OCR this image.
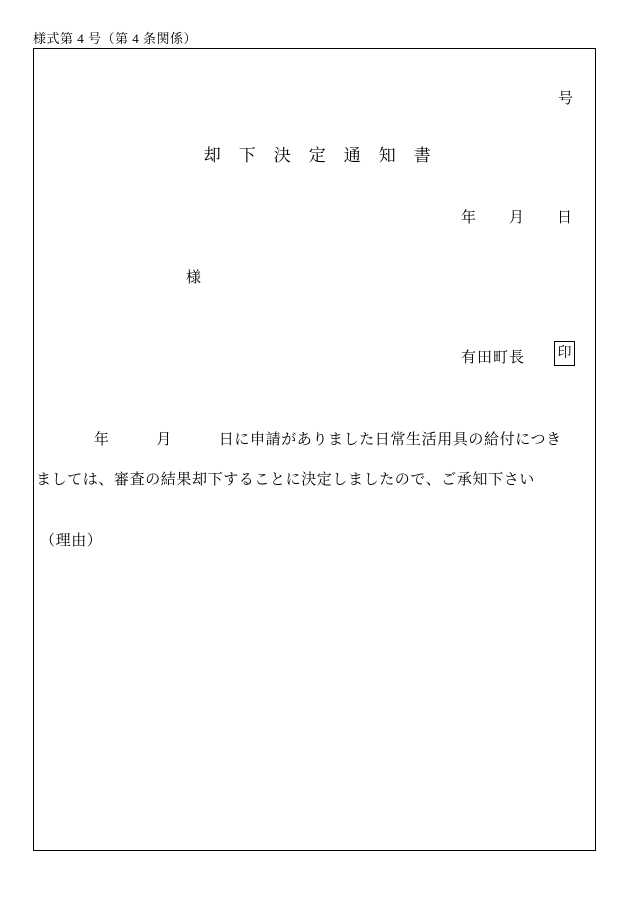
様式第 4 号（第 4 条関係）
号
却　下　決　定　通　知　書
年　　月　　日
様
有田町長 印
年　　　月　　　日に申請がありました日常生活用具の給付につき
ましては、審査の結果却下することに決定しましたので、ご承知下さい
（理由）
